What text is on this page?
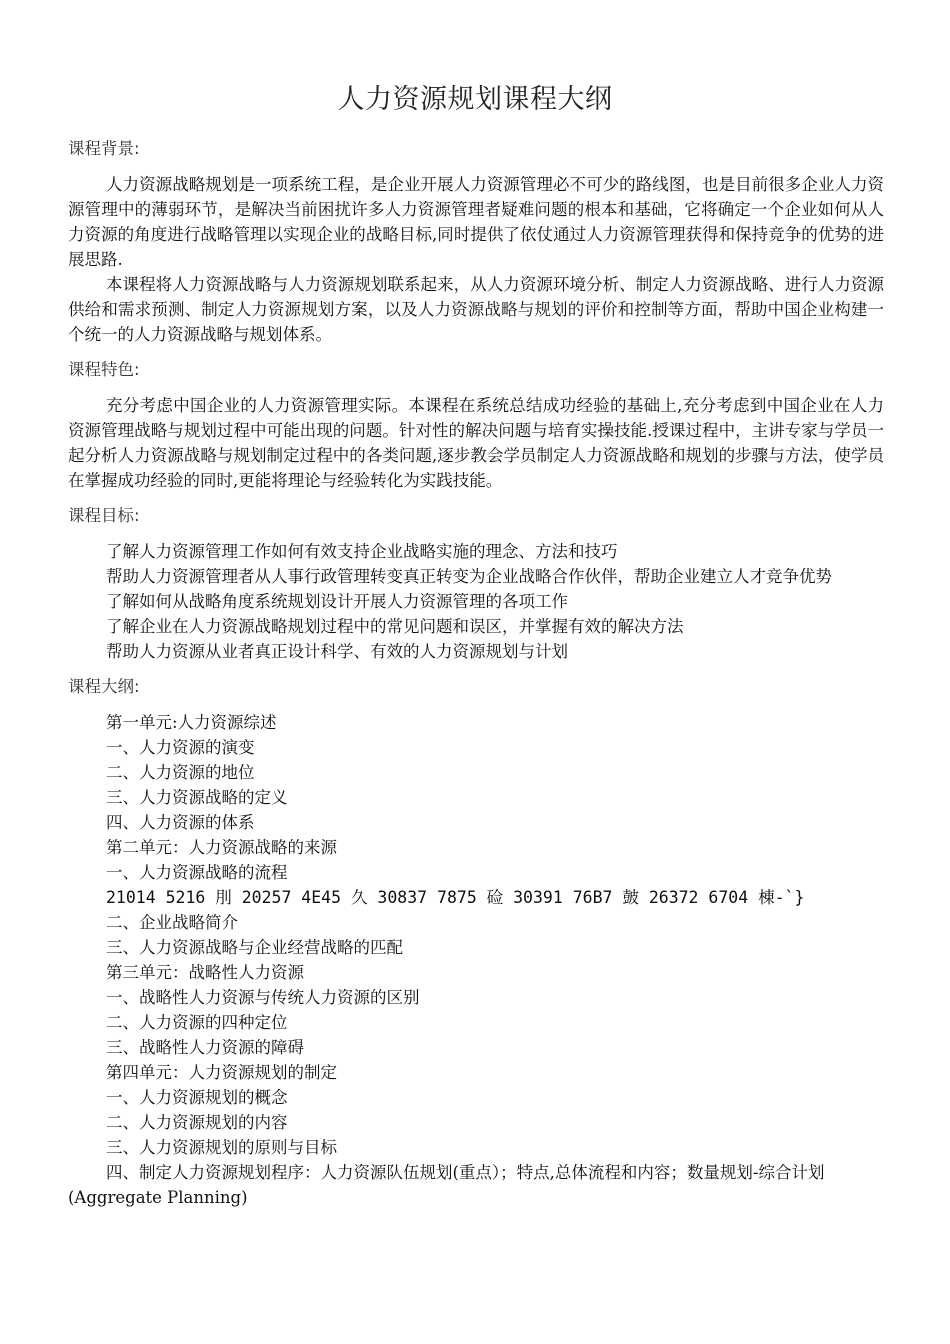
人力资源规划课程大纲
课程背景:

人力资源战略规划是一项系统工程，是企业开展人力资源管理必不可少的路线图，也是目前很多企业人力资源管理中的薄弱环节，是解决当前困扰许多人力资源管理者疑难问题的根本和基础，它将确定一个企业如何从人力资源的角度进行战略管理以实现企业的战略目标,同时提供了依仗通过人力资源管理获得和保持竞争的优势的进展思路.

本课程将人力资源战略与人力资源规划联系起来，从人力资源环境分析、制定人力资源战略、进行人力资源供给和需求预测、制定人力资源规划方案，以及人力资源战略与规划的评价和控制等方面，帮助中国企业构建一个统一的人力资源战略与规划体系。

课程特色:

充分考虑中国企业的人力资源管理实际。本课程在系统总结成功经验的基础上,充分考虑到中国企业在人力资源管理战略与规划过程中可能出现的问题。针对性的解决问题与培育实操技能.授课过程中，主讲专家与学员一起分析人力资源战略与规划制定过程中的各类问题,逐步教会学员制定人力资源战略和规划的步骤与方法，使学员在掌握成功经验的同时,更能将理论与经验转化为实践技能。

课程目标:
了解人力资源管理工作如何有效支持企业战略实施的理念、方法和技巧
帮助人力资源管理者从人事行政管理转变真正转变为企业战略合作伙伴，帮助企业建立人才竞争优势
了解如何从战略角度系统规划设计开展人力资源管理的各项工作
了解企业在人力资源战略规划过程中的常见问题和误区，并掌握有效的解决方法
帮助人力资源从业者真正设计科学、有效的人力资源规划与计划
课程大纲:
第一单元:人力资源综述
一、人力资源的演变
二、人力资源的地位
三、人力资源战略的定义
四、人力资源的体系
第二单元：人力资源战略的来源
一、人力资源战略的流程
21014 5216 刖 20257 4E45 久 30837 7875 硷 30391 76B7 皷 26372 6704 棟-`}
二、企业战略简介
三、人力资源战略与企业经营战略的匹配
第三单元：战略性人力资源
一、战略性人力资源与传统人力资源的区别
二、人力资源的四种定位
三、战略性人力资源的障碍
第四单元：人力资源规划的制定
一、人力资源规划的概念
二、人力资源规划的内容
三、人力资源规划的原则与目标
四、制定人力资源规划程序：人力资源队伍规划(重点）；特点,总体流程和内容；数量规划-综合计划(Aggregate Planning)
